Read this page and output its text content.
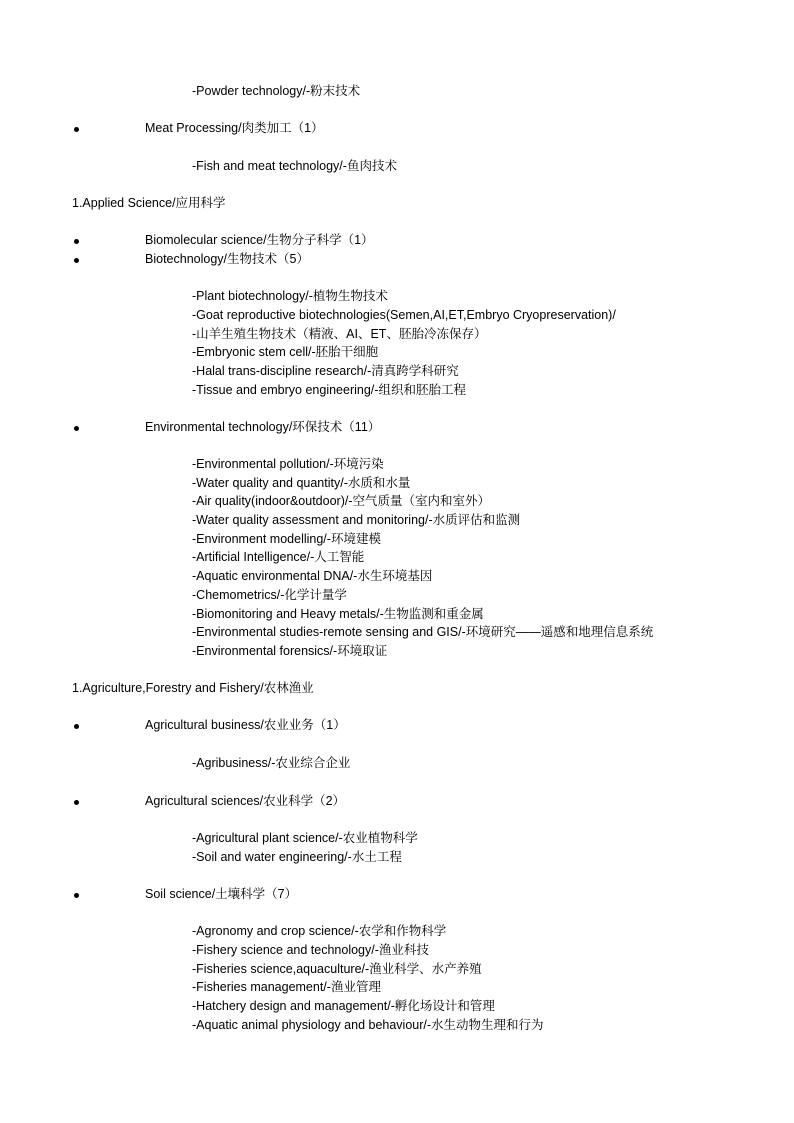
-Powder technology/-粉末技术
Meat Processing/肉类加工（1）
-Fish and meat technology/-鱼肉技术
1.Applied Science/应用科学
Biomolecular science/生物分子科学（1）
Biotechnology/生物技术（5）
-Plant biotechnology/-植物生物技术
-Goat reproductive biotechnologies(Semen,AI,ET,Embryo Cryopreservation)/
-山羊生殖生物技术（精液、AI、ET、胚胎冷冻保存）
-Embryonic stem cell/-胚胎干细胞
-Halal trans-discipline research/-清真跨学科研究
-Tissue and embryo engineering/-组织和胚胎工程
Environmental technology/环保技术（11）
-Environmental pollution/-环境污染
-Water quality and quantity/-水质和水量
-Air quality(indoor&outdoor)/-空气质量（室内和室外）
-Water quality assessment and monitoring/-水质评估和监测
-Environment modelling/-环境建模
-Artificial Intelligence/-人工智能
-Aquatic environmental DNA/-水生环境基因
-Chemometrics/-化学计量学
-Biomonitoring and Heavy metals/-生物监测和重金属
-Environmental studies-remote sensing and GIS/-环境研究——遥感和地理信息系统
-Environmental forensics/-环境取证
1.Agriculture,Forestry and Fishery/农林渔业
Agricultural business/农业业务（1）
-Agribusiness/-农业综合企业
Agricultural sciences/农业科学（2）
-Agricultural plant science/-农业植物科学
-Soil and water engineering/-水土工程
Soil science/土壤科学（7）
-Agronomy and crop science/-农学和作物科学
-Fishery science and technology/-渔业科技
-Fisheries science,aquaculture/-渔业科学、水产养殖
-Fisheries management/-渔业管理
-Hatchery design and management/-孵化场设计和管理
-Aquatic animal physiology and behaviour/-水生动物生理和行为
